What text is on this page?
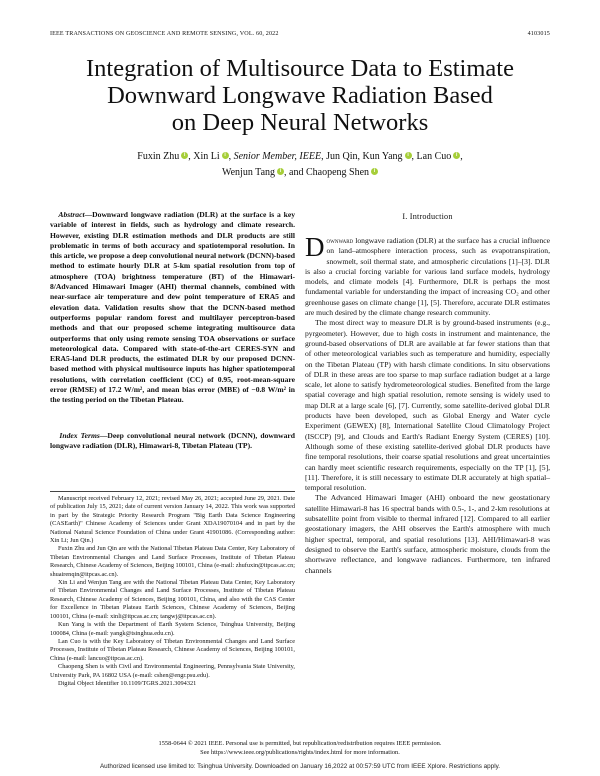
IEEE TRANSACTIONS ON GEOSCIENCE AND REMOTE SENSING, VOL. 60, 2022	4103015
Integration of Multisource Data to Estimate
Downward Longwave Radiation Based
on Deep Neural Networks
Fuxin Zhu i , Xin Li i , Senior Member, IEEE, Jun Qin, Kun Yang i , Lan Cuo i ,
Wenjun Tang i , and Chaopeng Shen i

Abstract—Downward longwave radiation (DLR) at the surface is a key variable of interest in fields, such as hydrology and climate research. However, existing DLR estimation methods and DLR products are still problematic in terms of both accuracy and spatiotemporal resolution. In this article, we propose a deep convolutional neural network (DCNN)-based method to estimate hourly DLR at 5-km spatial resolution from top of atmosphere (TOA) brightness temperature (BT) of the Himawari-8/Advanced Himawari Imager (AHI) thermal channels, combined with near-surface air temperature and dew point temperature of ERA5 and elevation data. Validation results show that the DCNN-based method outperforms popular random forest and multilayer perceptron-based methods and that our proposed scheme integrating multisource data outperforms that only using remote sensing TOA observations or surface meteorological data. Compared with state-of-the-art CERES-SYN and ERA5-land DLR products, the estimated DLR by our proposed DCNN-based method with physical multisource inputs has higher spatiotemporal resolutions, with correlation coefficient (CC) of 0.95, root-mean-square error (RMSE) of 17.2 W/m², and mean bias error (MBE) of −0.8 W/m² in the testing period on the Tibetan Plateau.

Index Terms—Deep convolutional neural network (DCNN), downward longwave radiation (DLR), Himawari-8, Tibetan Plateau (TP).

Manuscript received February 12, 2021; revised May 26, 2021; accepted June 29, 2021. Date of publication July 15, 2021; date of current version January 14, 2022. This work was supported in part by the Strategic Priority Research Program "Big Earth Data Science Engineering (CASEarth)" Chinese Academy of Sciences under Grant XDA19070104 and in part by the National Natural Science Foundation of China under Grant 41901086. (Corresponding author: Xin Li; Jun Qin.)

Fuxin Zhu and Jun Qin are with the National Tibetan Plateau Data Center, Key Laboratory of Tibetan Environmental Changes and Land Surface Processes, Institute of Tibetan Plateau Research, Chinese Academy of Sciences, Beijing 100101, China (e-mail: zhufuxin@itpcas.ac.cn; shuairenqin@itpcas.ac.cn).

Xin Li and Wenjun Tang are with the National Tibetan Plateau Data Center, Key Laboratory of Tibetan Environmental Changes and Land Surface Processes, Institute of Tibetan Plateau Research, Chinese Academy of Sciences, Beijing 100101, China, and also with the CAS Center for Excellence in Tibetan Plateau Earth Sciences, Chinese Academy of Sciences, Beijing 100101, China (e-mail: xinli@itpcas.ac.cn; tangwj@itpcas.ac.cn).

Kun Yang is with the Department of Earth System Science, Tsinghua University, Beijing 100084, China (e-mail: yangk@tsinghua.edu.cn).

Lan Cuo is with the Key Laboratory of Tibetan Environmental Changes and Land Surface Processes, Institute of Tibetan Plateau Research, Chinese Academy of Sciences, Beijing 100101, China (e-mail: lancuo@itpcas.ac.cn).

Chaopeng Shen is with Civil and Environmental Engineering, Pennsylvania State University, University Park, PA 16802 USA (e-mail: cshen@engr.psu.edu).

Digital Object Identifier 10.1109/TGRS.2021.3094321

I. Introduction

Downward longwave radiation (DLR) at the surface has a crucial influence on land–atmosphere interaction process, such as evapotranspiration, snowmelt, soil thermal state, and atmospheric circulations [1]–[3]. DLR is also a crucial forcing variable for various land surface models, hydrology models, and climate models [4]. Furthermore, DLR is perhaps the most fundamental variable for understanding the impact of increasing CO₂ and other greenhouse gases on climate change [1], [5]. Therefore, accurate DLR estimates are much desired by the climate change research community.

The most direct way to measure DLR is by ground-based instruments (e.g., pyrgeometer). However, due to high costs in instrument and maintenance, the ground-based observations of DLR are available at far fewer stations than that of other meteorological variables such as temperature and humidity, especially on the Tibetan Plateau (TP) with harsh climate conditions. In situ observations of DLR in these areas are too sparse to map surface radiation budget at a large scale, let alone to satisfy hydrometeorological studies. Benefited from the large spatial coverage and high spatial resolution, remote sensing is widely used to map DLR at a large scale [6], [7]. Currently, some satellite-derived global DLR products have been developed, such as Global Energy and Water cycle Experiment (GEWEX) [8], International Satellite Cloud Climatology Project (ISCCP) [9], and Clouds and Earth's Radiant Energy System (CERES) [10]. Although some of these existing satellite-derived global DLR products have fine temporal resolutions, their coarse spatial resolutions and great uncertainties can hardly meet scientific research requirements, especially on the TP [1], [5], [11]. Therefore, it is still necessary to estimate DLR accurately at high spatial–temporal resolution.

The Advanced Himawari Imager (AHI) onboard the new geostationary satellite Himawari-8 has 16 spectral bands with 0.5-, 1-, and 2-km resolutions at subsatellite point from visible to thermal infrared [12]. Compared to all earlier geostationary imagers, the AHI observes the Earth's atmosphere with much higher spectral, temporal, and spatial resolutions [13]. AHI/Himawari-8 was designed to observe the Earth's surface, atmospheric moisture, clouds from the shortwave reflectance, and longwave radiances. Furthermore, ten infrared channels

1558-0644 © 2021 IEEE. Personal use is permitted, but republication/redistribution requires IEEE permission.
See https://www.ieee.org/publications/rights/index.html for more information.
Authorized licensed use limited to: Tsinghua University. Downloaded on January 16,2022 at 00:57:59 UTC from IEEE Xplore. Restrictions apply.
